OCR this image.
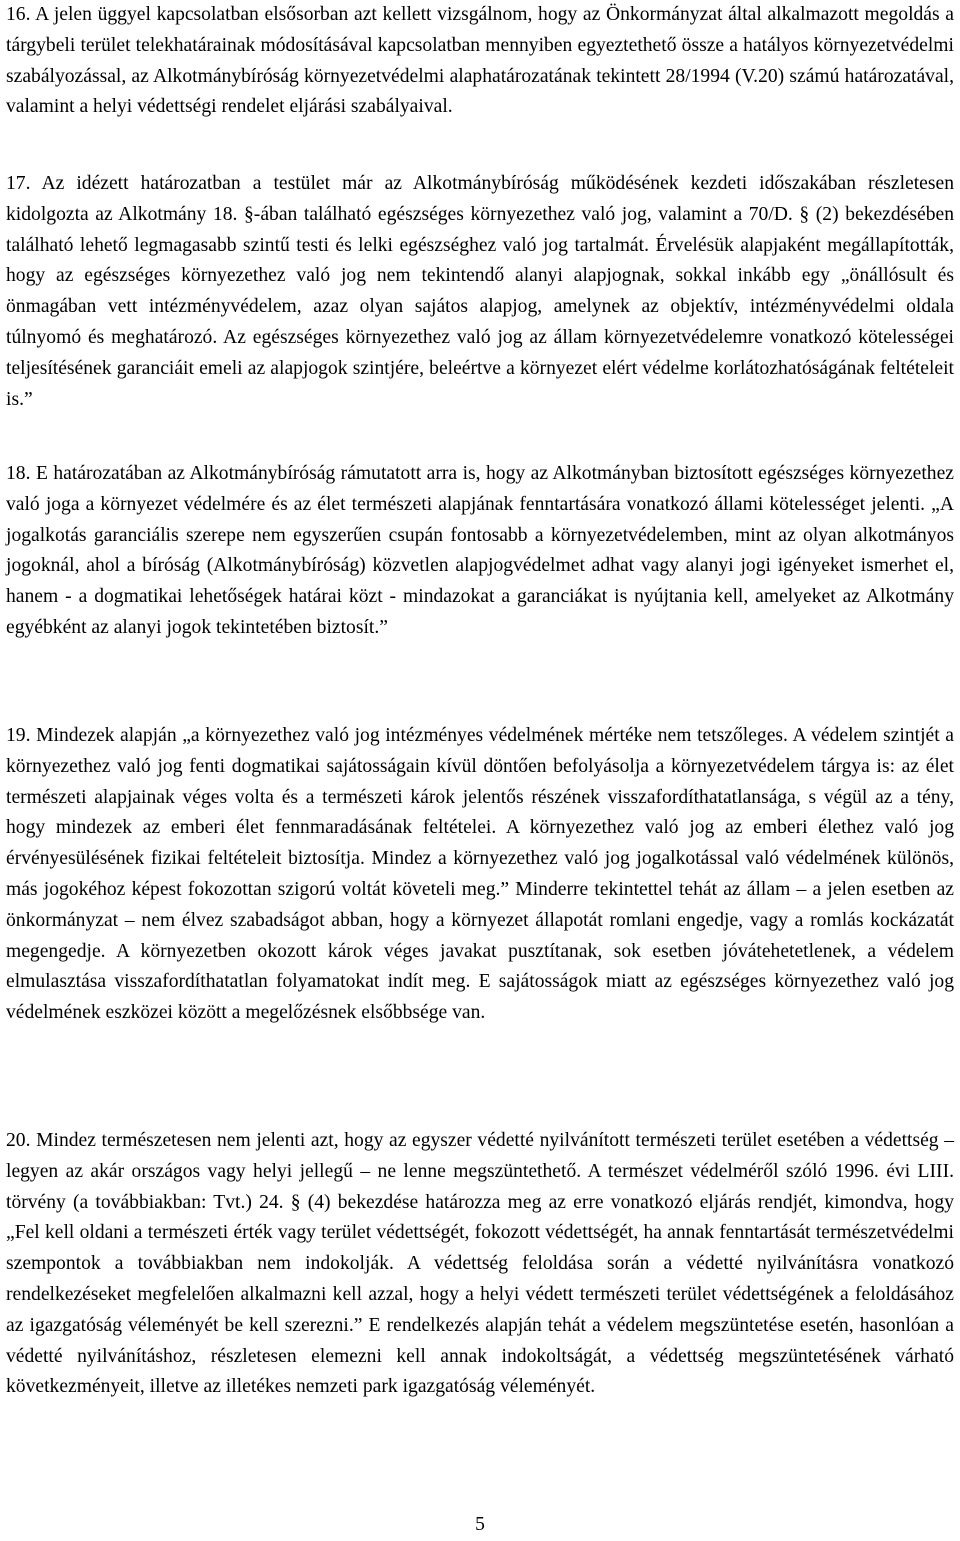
16. A jelen üggyel kapcsolatban elsősorban azt kellett vizsgálnom, hogy az Önkormányzat által alkalmazott megoldás a tárgybeli terület telekhatárainak módosításával kapcsolatban mennyiben egyeztethető össze a hatályos környezetvédelmi szabályozással, az Alkotmánybíróság környezetvédelmi alaphatározatának tekintett 28/1994 (V.20) számú határozatával, valamint a helyi védettségi rendelet eljárási szabályaival.

17. Az idézett határozatban a testület már az Alkotmánybíróság működésének kezdeti időszakában részletesen kidolgozta az Alkotmány 18. §-ában található egészséges környezethez való jog, valamint a 70/D. § (2) bekezdésében található lehető legmagasabb szintű testi és lelki egészséghez való jog tartalmát. Érvelésük alapjaként megállapították, hogy az egészséges környezethez való jog nem tekintendő alanyi alapjognak, sokkal inkább egy „önállósult és önmagában vett intézményvédelem, azaz olyan sajátos alapjog, amelynek az objektív, intézményvédelmi oldala túlnyomó és meghatározó. Az egészséges környezethez való jog az állam környezetvédelemre vonatkozó kötelességei teljesítésének garanciáit emeli az alapjogok szintjére, beleértve a környezet elért védelme korlátozhatóságának feltételeit is.”

18. E határozatában az Alkotmánybíróság rámutatott arra is, hogy az Alkotmányban biztosított egészséges környezethez való joga a környezet védelmére és az élet természeti alapjának fenntartására vonatkozó állami kötelességet jelenti. „A jogalkotás garanciális szerepe nem egyszerűen csupán fontosabb a környezetvédelemben, mint az olyan alkotmányos jogoknál, ahol a bíróság (Alkotmánybíróság) közvetlen alapjogvédelmet adhat vagy alanyi jogi igényeket ismerhet el, hanem - a dogmatikai lehetőségek határai közt - mindazokat a garanciákat is nyújtania kell, amelyeket az Alkotmány egyébként az alanyi jogok tekintetében biztosít.”

19. Mindezek alapján „a környezethez való jog intézményes védelmének mértéke nem tetszőleges. A védelem szintjét a környezethez való jog fenti dogmatikai sajátosságain kívül döntően befolyásolja a környezetvédelem tárgya is: az élet természeti alapjainak véges volta és a természeti károk jelentős részének visszafordíthatatlansága, s végül az a tény, hogy mindezek az emberi élet fennmaradásának feltételei. A környezethez való jog az emberi élethez való jog érvényesülésének fizikai feltételeit biztosítja. Mindez a környezethez való jog jogalkotással való védelmének különös, más jogokéhoz képest fokozottan szigorú voltát követeli meg.” Minderre tekintettel tehát az állam – a jelen esetben az önkormányzat – nem élvez szabadságot abban, hogy a környezet állapotát romlani engedje, vagy a romlás kockázatát megengedje. A környezetben okozott károk véges javakat pusztítanak, sok esetben jóvátehetetlenek, a védelem elmulasztása visszafordíthatatlan folyamatokat indít meg. E sajátosságok miatt az egészséges környezethez való jog védelmének eszközei között a megelőzésnek elsőbbsége van.

20. Mindez természetesen nem jelenti azt, hogy az egyszer védetté nyilvánított természeti terület esetében a védettség – legyen az akár országos vagy helyi jellegű – ne lenne megszüntethető. A természet védelméről szóló 1996. évi LIII. törvény (a továbbiakban: Tvt.) 24. § (4) bekezdése határozza meg az erre vonatkozó eljárás rendjét, kimondva, hogy „Fel kell oldani a természeti érték vagy terület védettségét, fokozott védettségét, ha annak fenntartását természetvédelmi szempontok a továbbiakban nem indokolják. A védettség feloldása során a védetté nyilvánításra vonatkozó rendelkezéseket megfelelően alkalmazni kell azzal, hogy a helyi védett természeti terület védettségének a feloldásához az igazgatóság véleményét be kell szerezni.” E rendelkezés alapján tehát a védelem megszüntetése esetén, hasonlóan a védetté nyilvánításhoz, részletesen elemezni kell annak indokoltságát, a védettség megszüntetésének várható következményeit, illetve az illetékes nemzeti park igazgatóság véleményét.

5
